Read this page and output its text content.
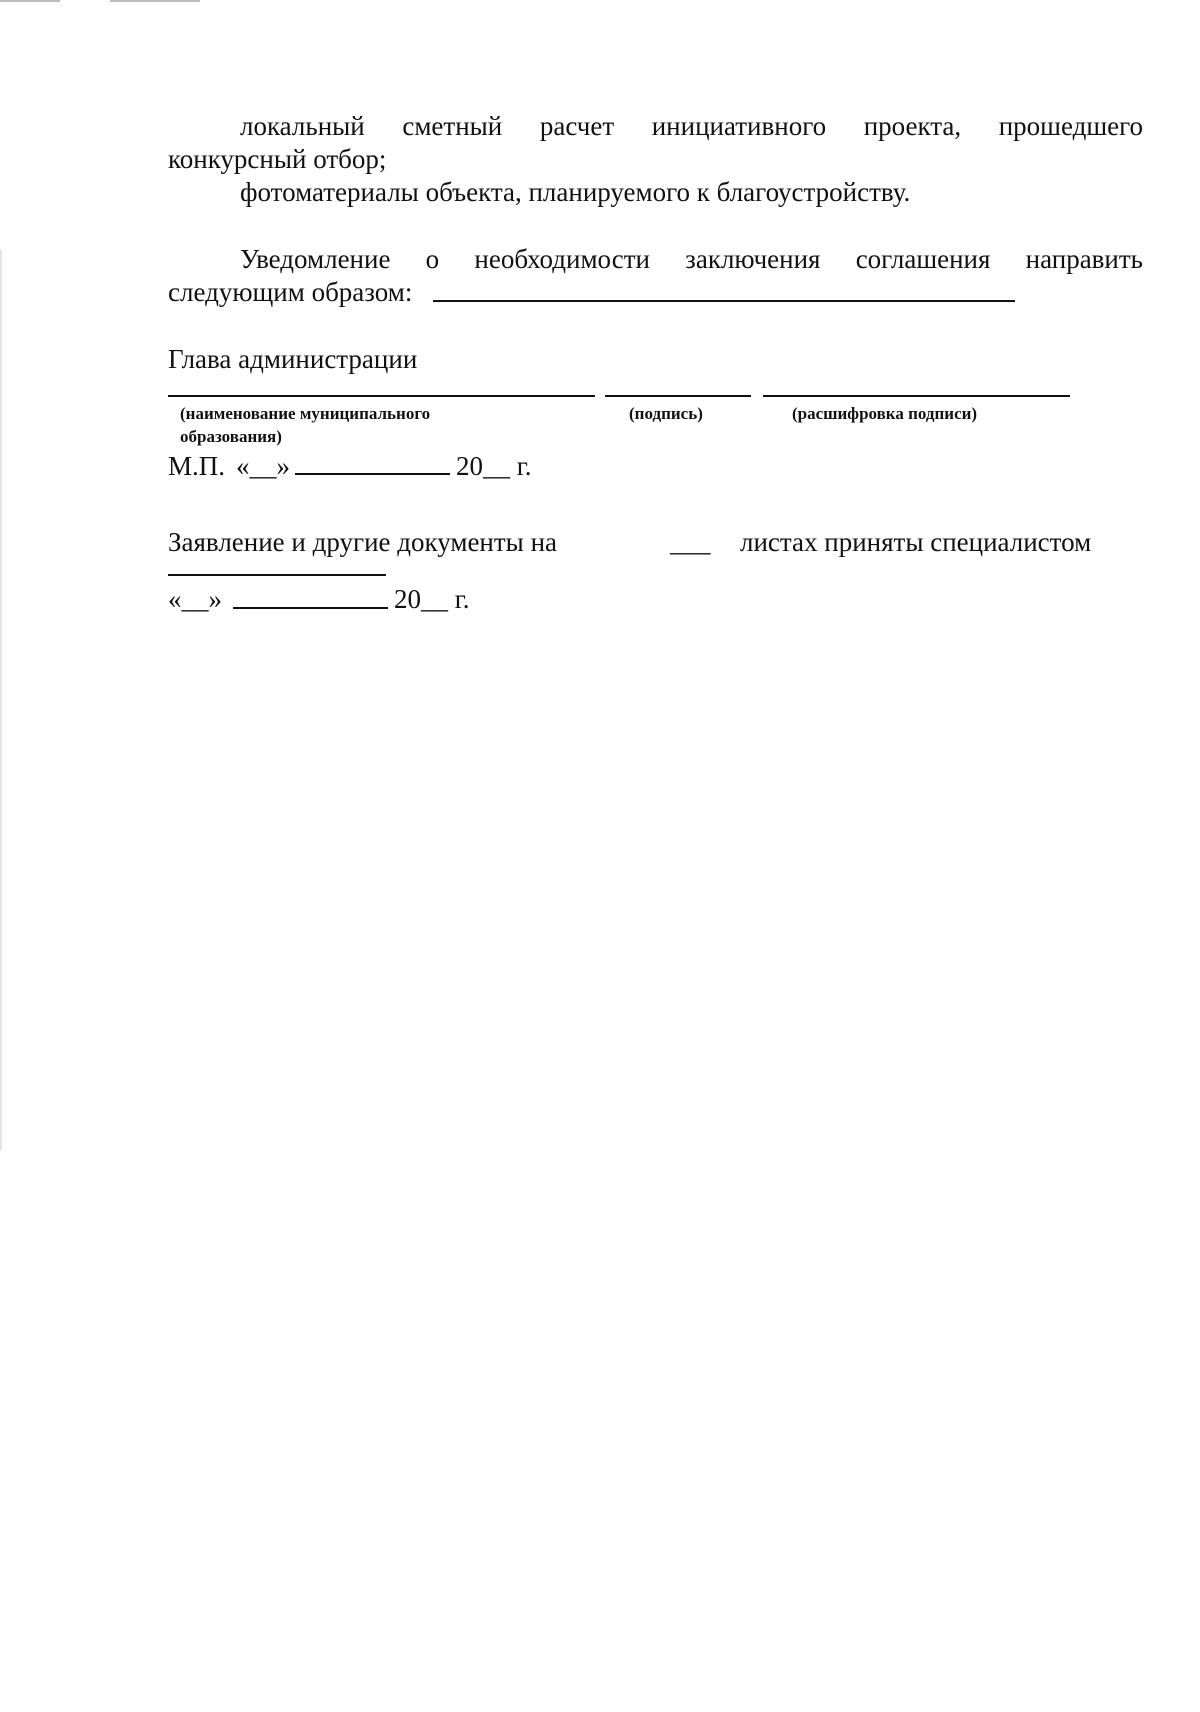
локальный сметный расчет инициативного проекта, прошедшего

конкурсный отбор;

фотоматериалы объекта, планируемого к благоустройству.

Уведомление о необходимости заключения соглашения направить

следующим образом:

Глава администрации

(наименование муниципального

образования)

(подпись)	(расшифровка подписи)

М.П. «__»	20__ г.

Заявление и другие документы на	___ листах приняты специалистом

«__»	20__ г.
